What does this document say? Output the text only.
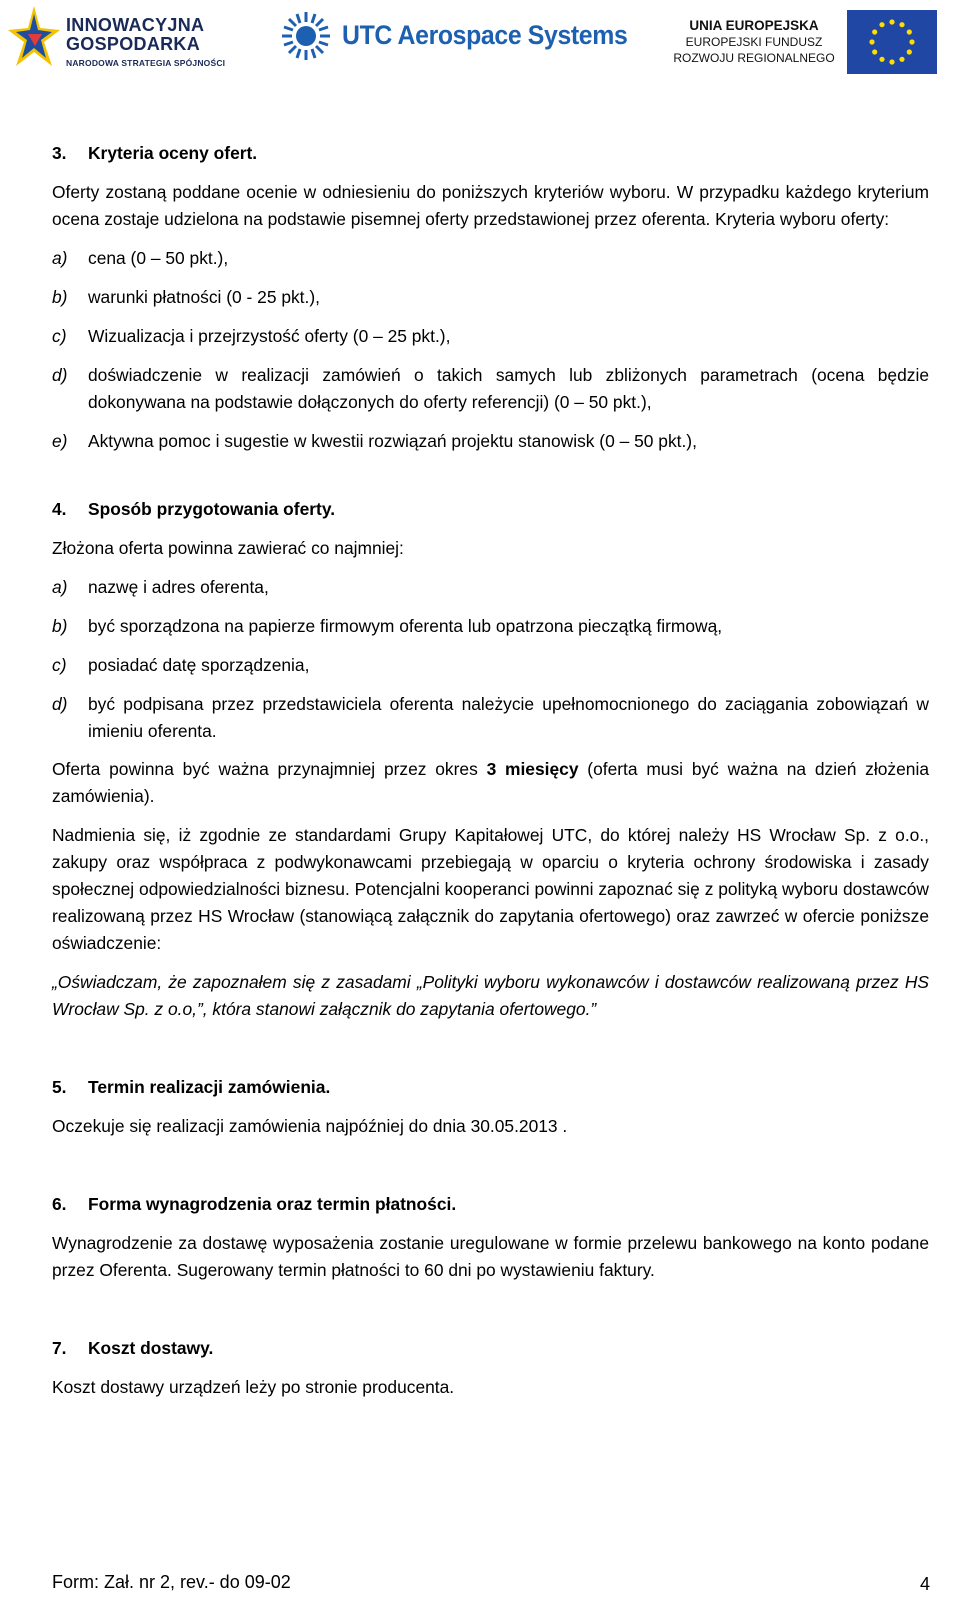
INNOWACYJNA
GOSPODARKA
NARODOWA STRATEGIA SPÓJNOŚCI
UTC Aerospace Systems	UNIA EUROPEJSKA
EUROPEJSKI FUNDUSZ
ROZWOJU REGIONALNEGO
3.	Kryteria oceny ofert.

Oferty zostaną poddane ocenie w odniesieniu do poniższych kryteriów wyboru. W przypadku każdego kryterium ocena zostaje udzielona na podstawie pisemnej oferty przedstawionej przez oferenta. Kryteria wyboru oferty:

a)	cena (0 – 50 pkt.),
b)	warunki płatności (0 - 25 pkt.),
c)	Wizualizacja i przejrzystość oferty (0 – 25 pkt.),
d)	doświadczenie w realizacji zamówień o takich samych lub zbliżonych parametrach (ocena będzie dokonywana na podstawie dołączonych do oferty referencji) (0 – 50 pkt.),
e)	Aktywna pomoc i sugestie w kwestii rozwiązań projektu stanowisk (0 – 50 pkt.),
4.	Sposób przygotowania oferty.

Złożona oferta powinna zawierać co najmniej:

a)	nazwę i adres oferenta,
b)	być sporządzona na papierze firmowym oferenta lub opatrzona pieczątką firmową,
c)	posiadać datę sporządzenia,
d)	być podpisana przez przedstawiciela oferenta należycie upełnomocnionego do zaciągania zobowiązań w imieniu oferenta.

Oferta powinna być ważna przynajmniej przez okres 3 miesięcy (oferta musi być ważna na dzień złożenia zamówienia).

Nadmienia się, iż zgodnie ze standardami Grupy Kapitałowej UTC, do której należy HS Wrocław Sp. z o.o., zakupy oraz współpraca z podwykonawcami przebiegają w oparciu o kryteria ochrony środowiska i zasady społecznej odpowiedzialności biznesu. Potencjalni kooperanci powinni zapoznać się z polityką wyboru dostawców realizowaną przez HS Wrocław (stanowiącą załącznik do zapytania ofertowego) oraz zawrzeć w ofercie poniższe oświadczenie:

„Oświadczam, że zapoznałem się z zasadami „Polityki wyboru wykonawców i dostawców realizowaną przez HS Wrocław Sp. z o.o,”, która stanowi załącznik do zapytania ofertowego.”

5.	Termin realizacji zamówienia.

Oczekuje się realizacji zamówienia najpóźniej do dnia 30.05.2013 .

6.	Forma wynagrodzenia oraz termin płatności.

Wynagrodzenie za dostawę wyposażenia zostanie uregulowane w formie przelewu bankowego na konto podane przez Oferenta. Sugerowany termin płatności to 60 dni po wystawieniu faktury.

7.	Koszt dostawy.

Koszt dostawy urządzeń leży po stronie producenta.

Form: Zał. nr 2, rev.- do 09-02	4
